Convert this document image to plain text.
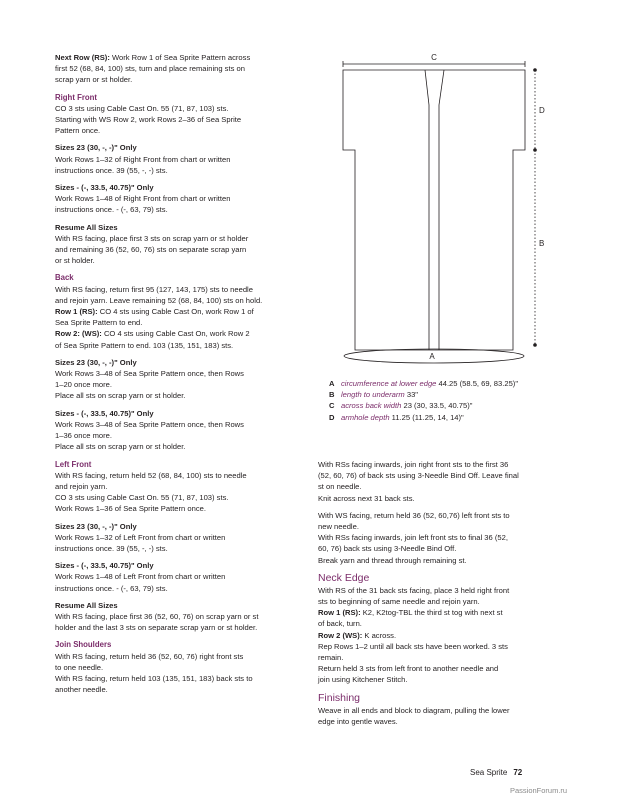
Next Row (RS): Work Row 1 of Sea Sprite Pattern across

first 52 (68, 84, 100) sts, turn and place remaining sts on

scrap yarn or st holder.

Right Front

CO 3 sts using Cable Cast On. 55 (71, 87, 103) sts.

Starting with WS Row 2, work Rows 2–36 of Sea Sprite

Pattern once.

Sizes 23 (30, -, -)" Only

Work Rows 1–32 of Right Front from chart or written

instructions once. 39 (55, -, -) sts.

Sizes - (-, 33.5, 40.75)" Only

Work Rows 1–48 of Right Front from chart or written

instructions once. - (-, 63, 79) sts.

Resume All Sizes

With RS facing, place first 3 sts on scrap yarn or st holder

and remaining 36 (52, 60, 76) sts on separate scrap yarn

or st holder.

Back

With RS facing, return first 95 (127, 143, 175) sts to needle

and rejoin yarn. Leave remaining 52 (68, 84, 100) sts on hold.

Row 1 (RS): CO 4 sts using Cable Cast On, work Row 1 of

Sea Sprite Pattern to end.

Row 2: (WS): CO 4 sts using Cable Cast On, work Row 2

of Sea Sprite Pattern to end. 103 (135, 151, 183) sts.

Sizes 23 (30, -, -)" Only

Work Rows 3–48 of Sea Sprite Pattern once, then Rows

1–20 once more.

Place all sts on scrap yarn or st holder.

Sizes - (-, 33.5, 40.75)" Only

Work Rows 3–48 of Sea Sprite Pattern once, then Rows

1–36 once more.

Place all sts on scrap yarn or st holder.

Left Front

With RS facing, return held 52 (68, 84, 100) sts to needle

and rejoin yarn.

CO 3 sts using Cable Cast On. 55 (71, 87, 103) sts.

Work Rows 1–36 of Sea Sprite Pattern once.

Sizes 23 (30, -, -)" Only

Work Rows 1–32 of Left Front from chart or written

instructions once. 39 (55, -, -) sts.

Sizes - (-, 33.5, 40.75)" Only

Work Rows 1–48 of Left Front from chart or written

instructions once. - (-, 63, 79) sts.

Resume All Sizes

With RS facing, place first 36 (52, 60, 76) on scrap yarn or st

holder and the last 3 sts on separate scrap yarn or st holder.

Join Shoulders

With RS facing, return held 36 (52, 60, 76) right front sts

to one needle.

With RS facing, return held 103 (135, 151, 183) back sts to

another needle.

C
D
B
A
A circumference at lower edge 44.25 (58.5, 69, 83.25)"
B length to underarm 33"
C across back width 23 (30, 33.5, 40.75)"
D armhole depth 11.25 (11.25, 14, 14)"

With RSs facing inwards, join right front sts to the first 36

(52, 60, 76) of back sts using 3-Needle Bind Off. Leave final

st on needle.

Knit across next 31 back sts.

With WS facing, return held 36 (52, 60,76) left front sts to

new needle.

With RSs facing inwards, join left front sts to final 36 (52,

60, 76) back sts using 3-Needle Bind Off.

Break yarn and thread through remaining st.

Neck Edge

With RS of the 31 back sts facing, place 3 held right front

sts to beginning of same needle and rejoin yarn.

Row 1 (RS): K2, K2tog-TBL the third st tog with next st

of back, turn.

Row 2 (WS): K across.

Rep Rows 1–2 until all back sts have been worked. 3 sts

remain.

Return held 3 sts from left front to another needle and

join using Kitchener Stitch.

Finishing

Weave in all ends and block to diagram, pulling the lower

edge into gentle waves.

Sea Sprite 72
PassionForum.ru
